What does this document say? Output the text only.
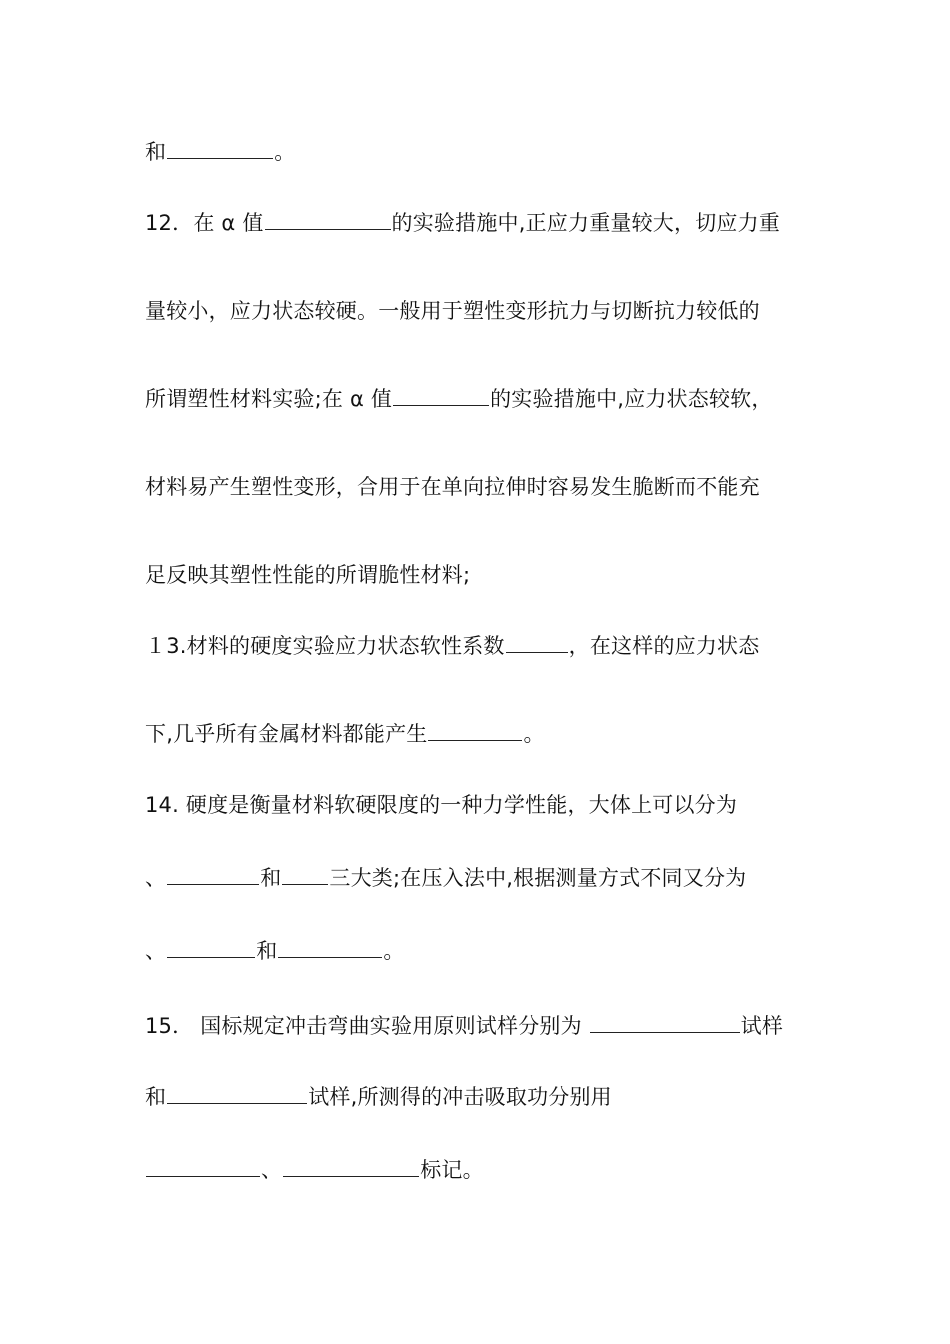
和	。
12．在 α 值	的实验措施中,正应力重量较大，切应力重
量较小，应力状态较硬。一般用于塑性变形抗力与切断抗力较低的
所谓塑性材料实验;在 α 值	的实验措施中,应力状态较软，
材料易产生塑性变形，合用于在单向拉伸时容易发生脆断而不能充
足反映其塑性性能的所谓脆性材料;
１3.材料的硬度实验应力状态软性系数	，在这样的应力状态
下,几乎所有金属材料都能产生	。
14. 硬度是衡量材料软硬限度的一种力学性能，大体上可以分为
、	和 三大类;在压入法中,根据测量方式不同又分为
、	和	。
15． 国标规定冲击弯曲实验用原则试样分别为	试样
和	试样,所测得的冲击吸取功分别用
、	标记。
